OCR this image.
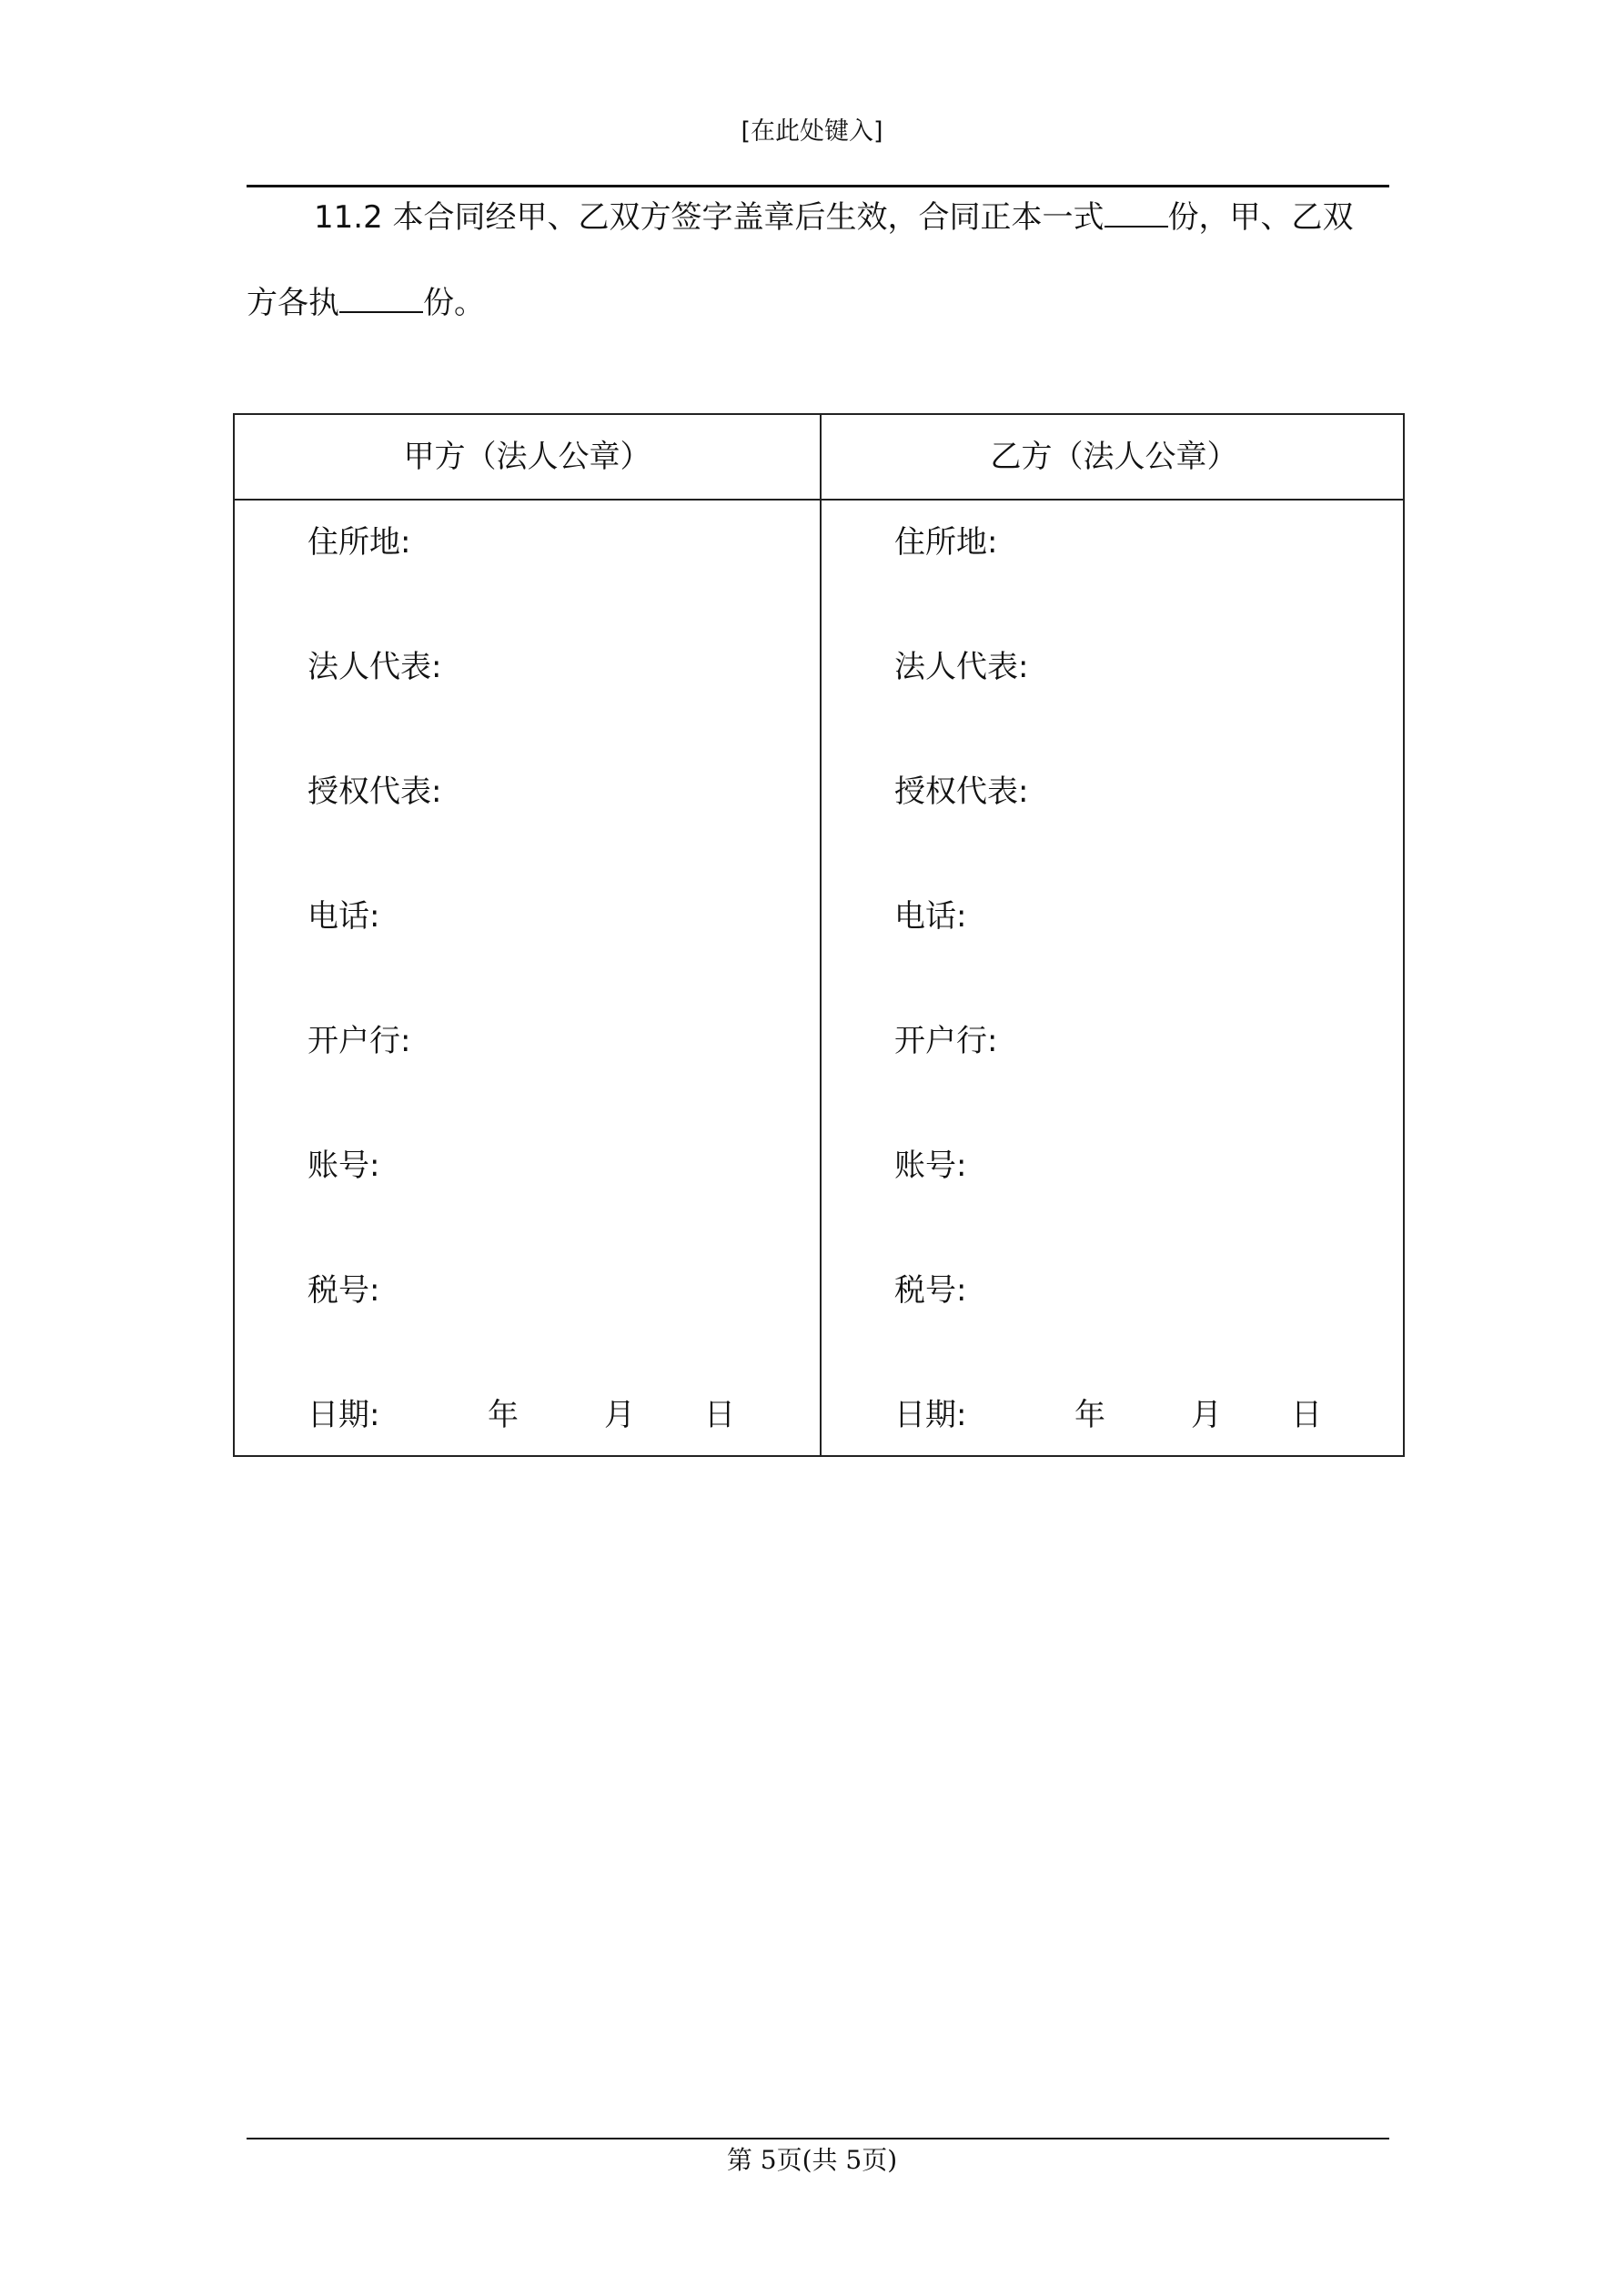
[在此处键入]
11.2 本合同经甲、乙双方签字盖章后生效，合同正本一式 份，甲、乙双
方各执	份。
甲方（法人公章）
住所地:
法人代表:
授权代表:
电话:
开户行:
账号:
税号:
日期:	年	月 日
乙方（法人公章）
住所地:
法人代表:
授权代表:
电话:
开户行:
账号:
税号:
日期:	年	月 日
第 5页(共 5页)
